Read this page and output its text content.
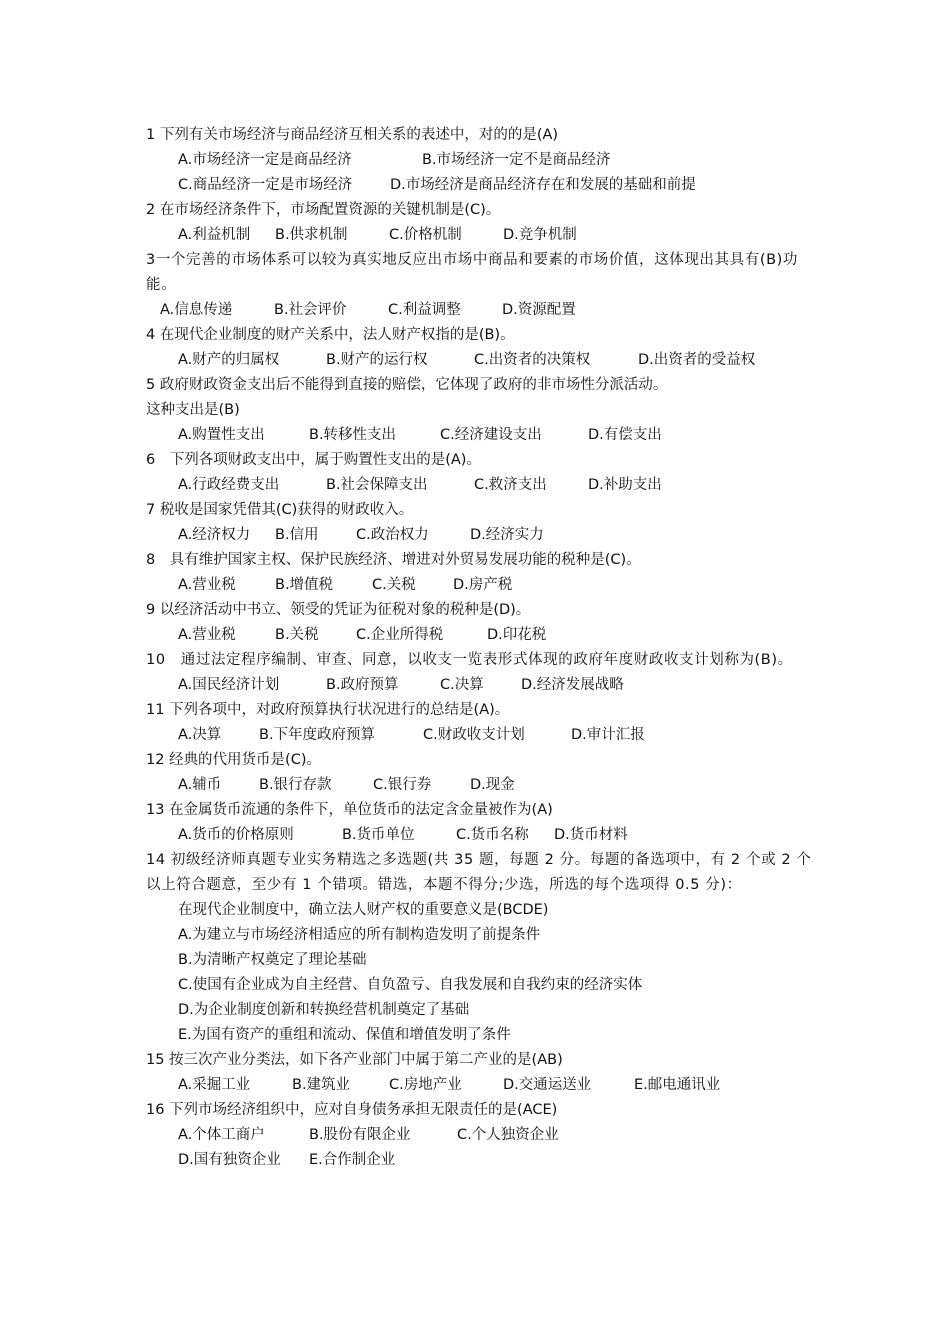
1 下列有关市场经济与商品经济互相关系的表述中，对的的是(A)
A.市场经济一定是商品经济	B.市场经济一定不是商品经济
C.商品经济一定是市场经济	D.市场经济是商品经济存在和发展的基础和前提
2 在市场经济条件下，市场配置资源的关键机制是(C)。
A.利益机制 B.供求机制	C.价格机制	D.竞争机制
3一个完善的市场体系可以较为真实地反应出市场中商品和要素的市场价值，这体现出其具有(B)功能。
A.信息传递	B.社会评价	C.利益调整	D.资源配置
4 在现代企业制度的财产关系中，法人财产权指的是(B)。
A.财产的归属权	B.财产的运行权	C.出资者的决策权	D.出资者的受益权
5 政府财政资金支出后不能得到直接的赔偿，它体现了政府的非市场性分派活动。
这种支出是(B)
A.购置性支出	B.转移性支出	C.经济建设支出	D.有偿支出
6　下列各项财政支出中，属于购置性支出的是(A)。
A.行政经费支出	B.社会保障支出	C.救济支出	D.补助支出
7 税收是国家凭借其(C)获得的财政收入。
A.经济权力 B.信用	C.政治权力	D.经济实力
8　具有维护国家主权、保护民族经济、增进对外贸易发展功能的税种是(C)。
A.营业税	B.增值税	C.关税	D.房产税
9 以经济活动中书立、领受的凭证为征税对象的税种是(D)。
A.营业税	B.关税	C.企业所得税	D.印花税
10　通过法定程序编制、审查、同意，以收支一览表形式体现的政府年度财政收支计划称为(B)。
A.国民经济计划	B.政府预算	C.决算	D.经济发展战略
11 下列各项中，对政府预算执行状况进行的总结是(A)。
A.决算	B.下年度政府预算	C.财政收支计划	D.审计汇报
12 经典的代用货币是(C)。
A.辅币	B.银行存款	C.银行券	D.现金
13 在金属货币流通的条件下，单位货币的法定含金量被作为(A)
A.货币的价格原则	B.货币单位	C.货币名称 D.货币材料
14 初级经济师真题专业实务精选之多选题(共 35 题，每题 2 分。每题的备选项中，有 2 个或 2 个以上符合题意，至少有 1 个错项。错选，本题不得分;少选，所选的每个选项得 0.5 分)：
在现代企业制度中，确立法人财产权的重要意义是(BCDE)
A.为建立与市场经济相适应的所有制构造发明了前提条件
B.为清晰产权奠定了理论基础
C.使国有企业成为自主经营、自负盈亏、自我发展和自我约束的经济实体
D.为企业制度创新和转换经营机制奠定了基础
E.为国有资产的重组和流动、保值和增值发明了条件
15 按三次产业分类法，如下各产业部门中属于第二产业的是(AB)
A.采掘工业	B.建筑业	C.房地产业	D.交通运送业	E.邮电通讯业
16 下列市场经济组织中，应对自身债务承担无限责任的是(ACE)
A.个体工商户	B.股份有限企业	C.个人独资企业
D.国有独资企业 E.合作制企业
